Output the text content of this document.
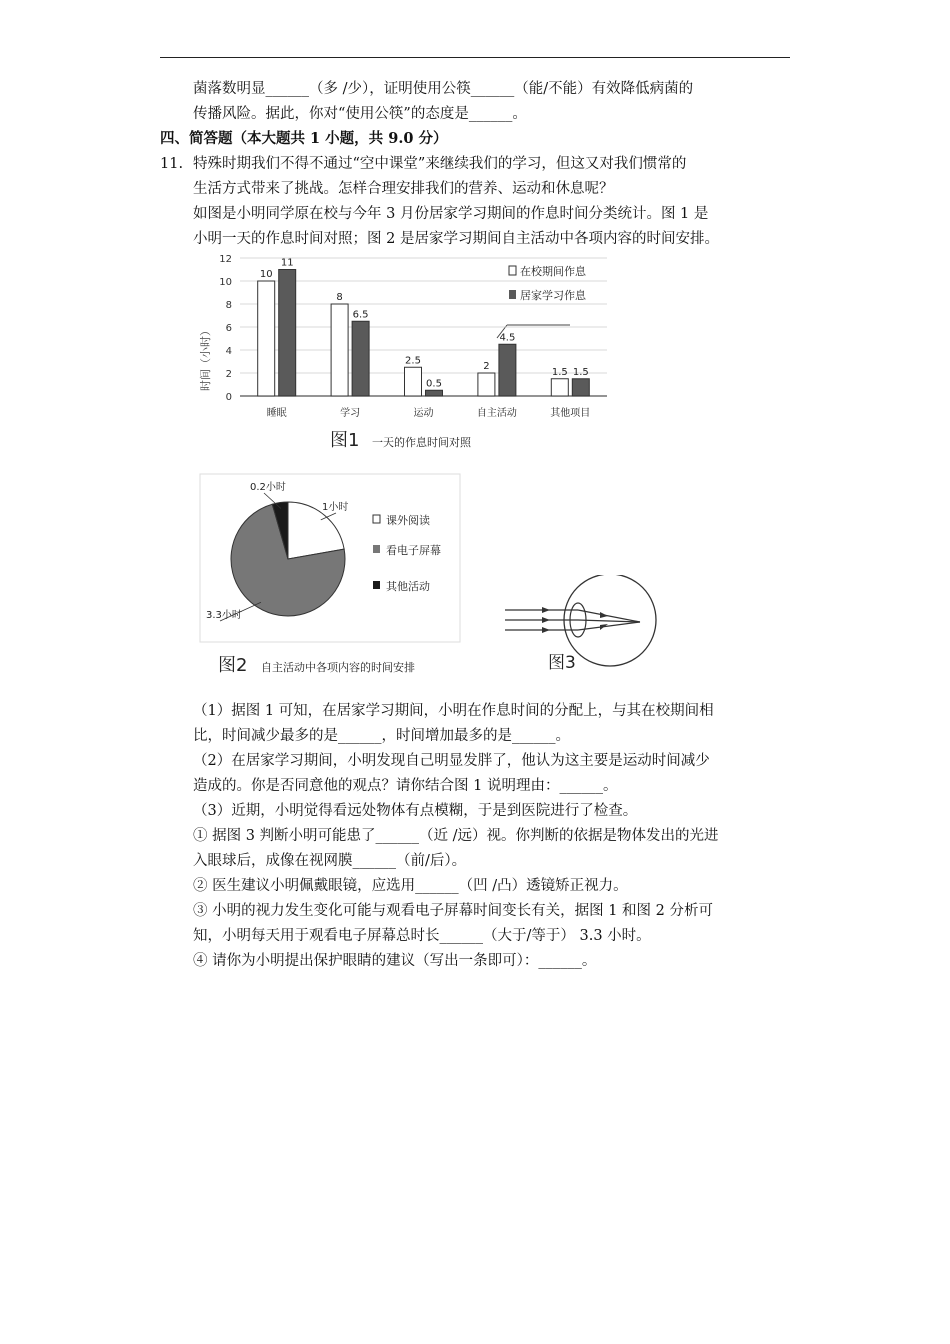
菌落数明显______（多 /少），证明使用公筷______（能/不能）有效降低病菌的
传播风险。据此，你对“使用公筷”的态度是______。
四、简答题（本大题共 1 小题，共 9.0 分）
11. 特殊时期我们不得不通过“空中课堂”来继续我们的学习，但这又对我们惯常的
生活方式带来了挑战。怎样合理安排我们的营养、运动和休息呢？
如图是小明同学原在校与今年 3 月份居家学习期间的作息时间分类统计。图 1 是
小明一天的作息时间对照；图 2 是居家学习期间自主活动中各项内容的时间安排。
时间（小时）
图1 一天的作息时间对照
在校期间作息
居家学习作息
0
2
4
6
8
10
12
10
11
睡眠
8
6.5
学习
2.5
0.5
运动
2
4.5
自主活动
1.5 1.5
其他项目
图2 自主活动中各项内容的时间安排
课外阅读
看电子屏幕
其他活动
1小时
3.3小时
0.2小时
图3
（1）据图 1 可知，在居家学习期间，小明在作息时间的分配上，与其在校期间相
比，时间减少最多的是______，时间增加最多的是______。
（2）在居家学习期间，小明发现自己明显发胖了，他认为这主要是运动时间减少
造成的。你是否同意他的观点？请你结合图 1 说明理由：______。
（3）近期，小明觉得看远处物体有点模糊，于是到医院进行了检查。
① 据图 3 判断小明可能患了______（近 /远）视。你判断的依据是物体发出的光进
入眼球后，成像在视网膜______（前/后）。
② 医生建议小明佩戴眼镜，应选用______（凹 /凸）透镜矫正视力。
③ 小明的视力发生变化可能与观看电子屏幕时间变长有关，据图 1 和图 2 分析可
知，小明每天用于观看电子屏幕总时长______（大于/等于） 3.3 小时。
④ 请你为小明提出保护眼睛的建议（写出一条即可）：______。
